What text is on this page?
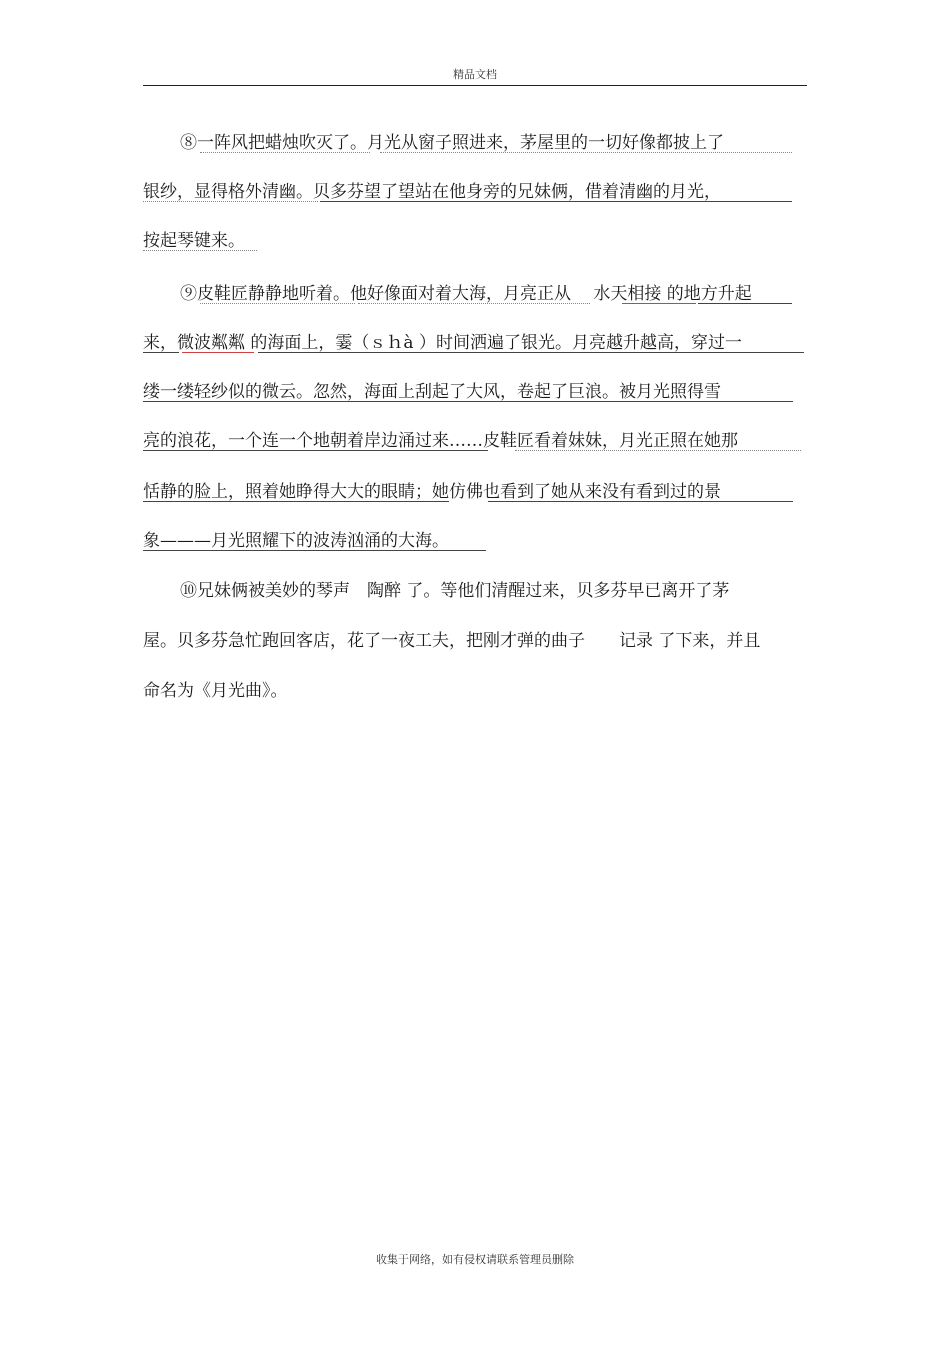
精品文档
⑧一阵风把蜡烛吹灭了。月光从窗子照进来，茅屋里的一切好像都披上了
银纱，显得格外清幽。贝多芬望了望站在他身旁的兄妹俩，借着清幽的月光，
按起琴键来。
⑨皮鞋匠静静地听着。他好像面对着大海，月亮正从　 水天相接 的地方升起
来，微波粼粼 的海面上，霎（ｓｈà ）时间洒遍了银光。月亮越升越高，穿过一
缕一缕轻纱似的微云。忽然，海面上刮起了大风，卷起了巨浪。被月光照得雪
亮的浪花，一个连一个地朝着岸边涌过来……皮鞋匠看着妹妹，月光正照在她那
恬静的脸上，照着她睁得大大的眼睛；她仿佛也看到了她从来没有看到过的景
象———月光照耀下的波涛汹涌的大海。
⑩兄妹俩被美妙的琴声　陶醉 了。等他们清醒过来，贝多芬早已离开了茅
屋。贝多芬急忙跑回客店，花了一夜工夫，把刚才弹的曲子　　记录 了下来，并且
命名为《月光曲》。
收集于网络，如有侵权请联系管理员删除
